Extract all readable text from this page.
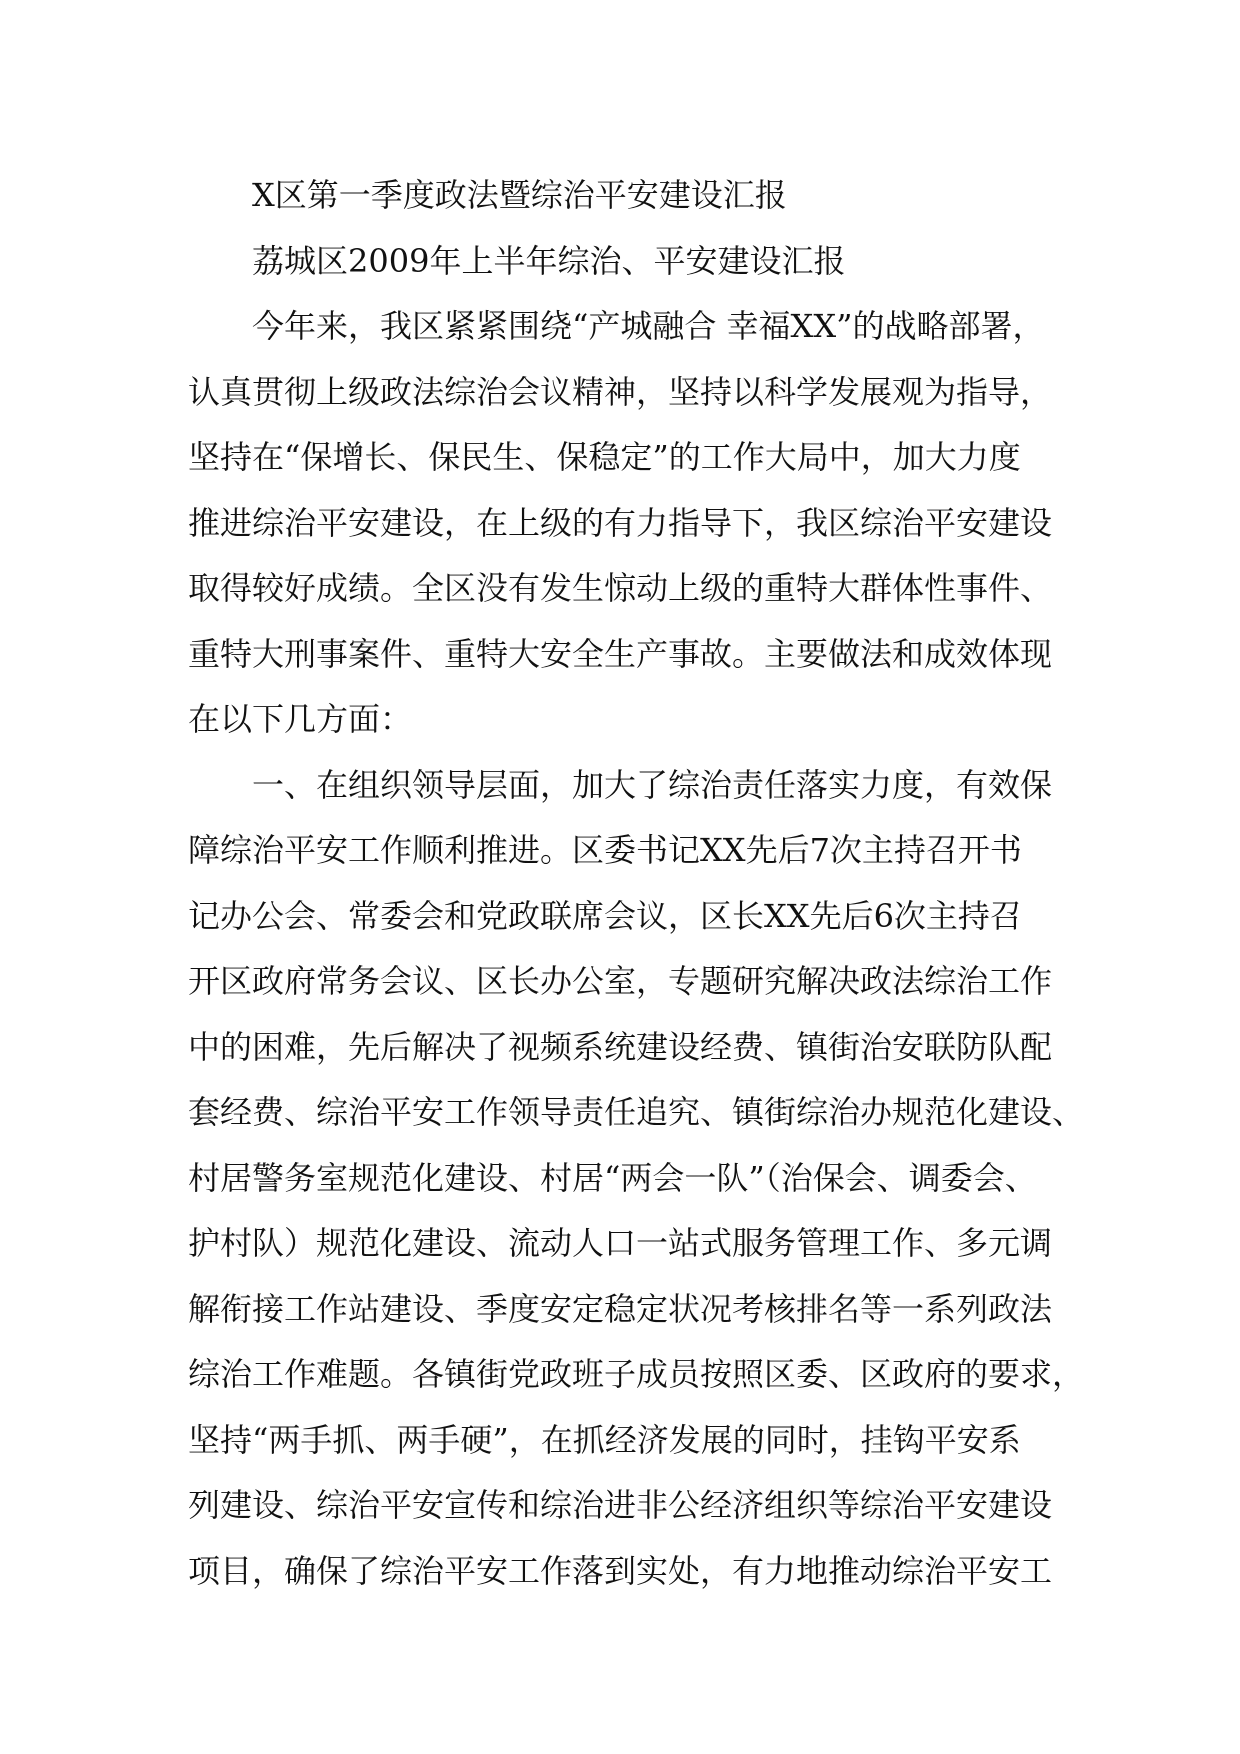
X区第一季度政法暨综治平安建设汇报
荔城区2009年上半年综治、平安建设汇报
今年来，我区紧紧围绕“产城融合 幸福XX”的战略部署，
认真贯彻上级政法综治会议精神，坚持以科学发展观为指导，
坚持在“保增长、保民生、保稳定”的工作大局中，加大力度
推进综治平安建设，在上级的有力指导下，我区综治平安建设
取得较好成绩。全区没有发生惊动上级的重特大群体性事件、
重特大刑事案件、重特大安全生产事故。主要做法和成效体现
在以下几方面：
一、在组织领导层面，加大了综治责任落实力度，有效保
障综治平安工作顺利推进。区委书记XX先后7次主持召开书
记办公会、常委会和党政联席会议，区长XX先后6次主持召
开区政府常务会议、区长办公室，专题研究解决政法综治工作
中的困难，先后解决了视频系统建设经费、镇街治安联防队配
套经费、综治平安工作领导责任追究、镇街综治办规范化建设、
村居警务室规范化建设、村居“两会一队”（治保会、调委会、
护村队）规范化建设、流动人口一站式服务管理工作、多元调
解衔接工作站建设、季度安定稳定状况考核排名等一系列政法
综治工作难题。各镇街党政班子成员按照区委、区政府的要求，
坚持“两手抓、两手硬”，在抓经济发展的同时，挂钩平安系
列建设、综治平安宣传和综治进非公经济组织等综治平安建设
项目，确保了综治平安工作落到实处，有力地推动综治平安工
